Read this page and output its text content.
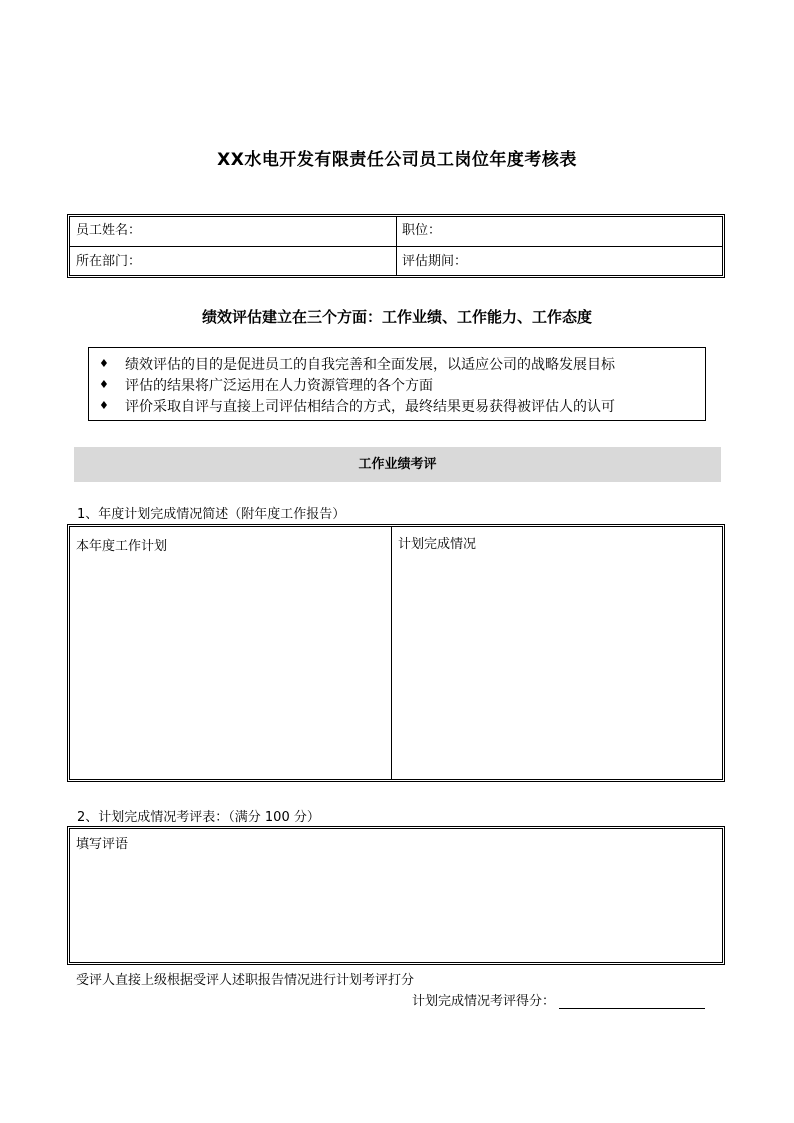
XX水电开发有限责任公司员工岗位年度考核表
员工姓名：	职位：
所在部门：	评估期间：
绩效评估建立在三个方面：工作业绩、工作能力、工作态度
♦	绩效评估的目的是促进员工的自我完善和全面发展，以适应公司的战略发展目标
♦	评估的结果将广泛运用在人力资源管理的各个方面
♦	评价采取自评与直接上司评估相结合的方式，最终结果更易获得被评估人的认可
工作业绩考评
1、年度计划完成情况简述（附年度工作报告）
本年度工作计划	计划完成情况
2、计划完成情况考评表：（满分 100 分）
填写评语
受评人直接上级根据受评人述职报告情况进行计划考评打分
计划完成情况考评得分：
